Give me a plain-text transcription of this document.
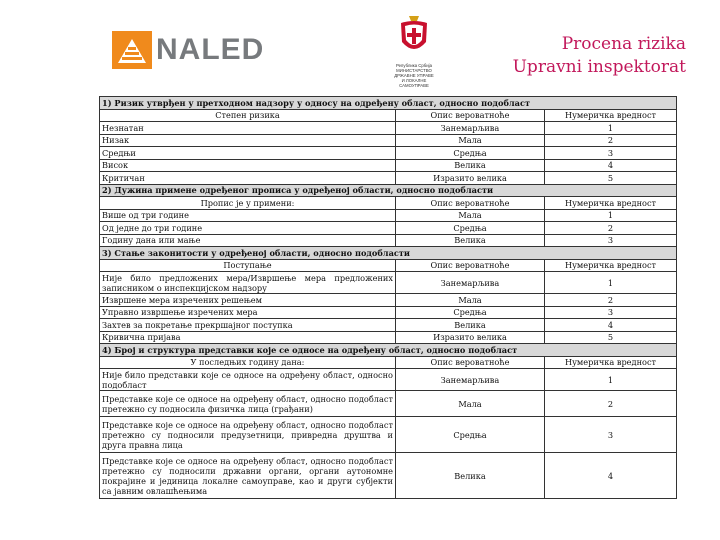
NALED	Република Србија
МИНИСТАРСТВО
ДРЖАВНЕ УПРАВЕ
И ЛОКАЛНЕ
САМОУПРАВЕ
Procena rizika
Upravni inspektorat
1) Ризик утврђен у претходном надзору у односу на одређену област, односно подобласт		
Степен ризика	Опис вероватноће	Нумеричка вредност
Незнатан	Занемарљива	1
Низак	Мала	2
Средњи	Средња	3
Висок	Велика	4
Критичан	Изразито велика	5
2) Дужина примене одређеног прописа у одређеној области, односно подобласти		
Пропис је у примени:	Опис вероватноће	Нумеричка вредност
Више од три године	Мала	1
Од једне до три године	Средња	2
Годину дана или мање	Велика	3
3) Стање законитости у одређеној области, односно подобласти		
Поступање	Опис вероватноће	Нумеричка вредност
Није било предложених мера/Извршење мера предложених записником о инспекцијском надзору	Занемарљива	1
Извршене мера изречених решењем	Мала	2
Управно извршење изречених мера	Средња	3
Захтев за покретање прекршајног поступка	Велика	4
Кривична пријава	Изразито велика	5
4) Број и структура представки које се односе на одређену област, односно подобласт		
У последњих годину дана:	Опис вероватноће	Нумеричка вредност
Није било представки које се односе на одређену област, односно подобласт	Занемарљива	1
Представке које се односе на одређену област, односно подобласт претежно су подносила физичка лица (грађани)	Мала	2
Представке које се односе на одређену област, односно подобласт претежно су подносили предузетници, привредна друштва и друга правна лица	Средња	3
Представке које се односе на одређену област, односно подобласт претежно су подносили државни органи, органи аутономне покрајине и јединица локалне самоуправе, као и други субјекти са јавним овлашћењима	Велика	4
